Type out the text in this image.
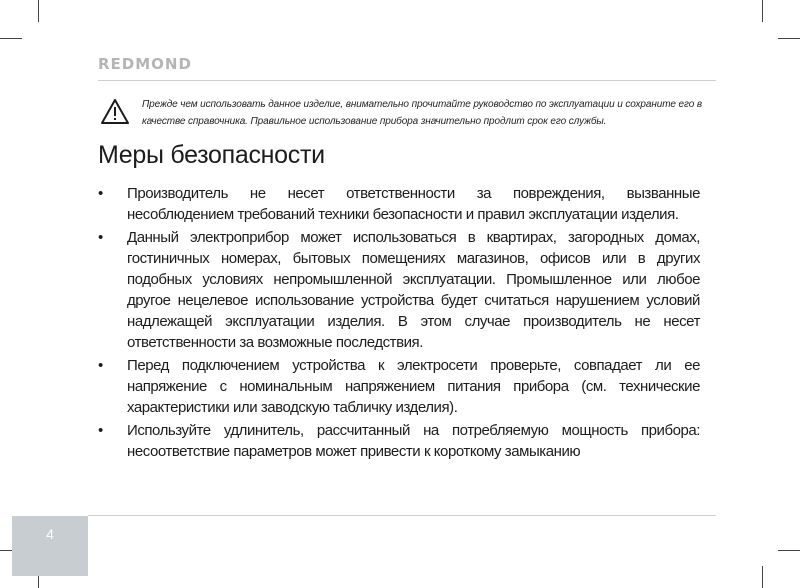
REDMOND

Прежде чем использовать данное изделие, внимательно прочитайте руководство по эксплуатации и сохраните его в качестве справочника. Правильное использование прибора значительно продлит срок его службы.

Меры безопасности
• Производитель не несет ответственности за повреждения, вызванные несоблюдением требований техники безопасности и правил эксплуатации изделия.
• Данный электроприбор может использоваться в квартирах, загородных домах, гостиничных номерах, бытовых помещениях магазинов, офисов или в других подобных условиях непромышленной эксплуатации. Промышленное или любое другое нецелевое использование устройства будет считаться нарушением условий надлежащей эксплуатации изделия. В этом случае производитель не несет ответственности за возможные последствия.
• Перед подключением устройства к электросети проверьте, совпадает ли ее напряжение с номинальным напряжением питания прибора (см. технические характеристики или заводскую табличку изделия).
• Используйте удлинитель, рассчитанный на потребляемую мощность прибора: несоответствие параметров может привести к короткому замыканию
4
